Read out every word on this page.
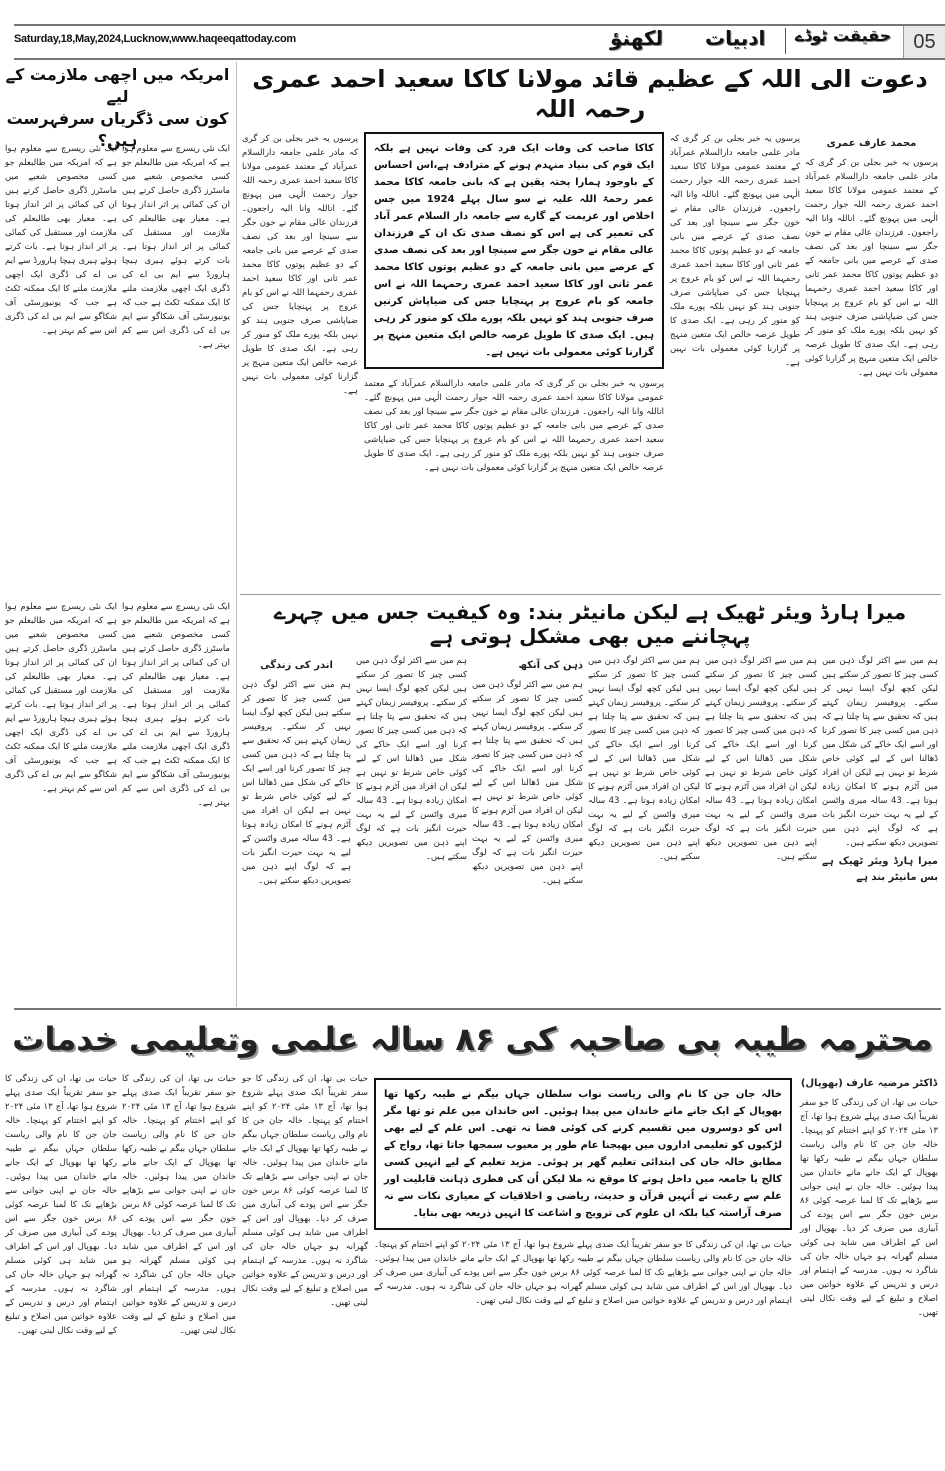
Saturday,18,May,2024,Lucknow,www.haqeeqattoday.com	لکھنؤ ادبیات حقیقت ٹوڈے	05
امریکہ میں اچھی ملازمت کے لیے
کون سی ڈگریاں سرفہرست ہیں؟
ایک نئی ریسرچ سے معلوم ہوا ہے کہ امریکہ میں طالبعلم جو کسی مخصوص شعبے میں ماسٹرز ڈگری حاصل کرتے ہیں ان کی کمائی پر اثر انداز ہوتا ہے۔ معیار بھی طالبعلم کی ملازمت اور مستقبل کی کمائی پر اثر انداز ہوتا ہے۔ بات کرتے ہوئے ہیری ہیچا ہارورڈ سے ایم بی اے کی ڈگری ایک اچھی ملازمت ملنے کا ایک ممکنہ ٹکٹ ہے جب کہ یونیورسٹی آف شکاگو سے ایم بی اے کی ڈگری اس سے کم بہتر ہے۔
ایک نئی ریسرچ سے معلوم ہوا ہے کہ امریکہ میں طالبعلم جو کسی مخصوص شعبے میں ماسٹرز ڈگری حاصل کرتے ہیں ان کی کمائی پر اثر انداز ہوتا ہے۔ معیار بھی طالبعلم کی ملازمت اور مستقبل کی کمائی پر اثر انداز ہوتا ہے۔ بات کرتے ہوئے ہیری ہیچا ہارورڈ سے ایم بی اے کی ڈگری ایک اچھی ملازمت ملنے کا ایک ممکنہ ٹکٹ ہے جب کہ یونیورسٹی آف شکاگو سے ایم بی اے کی ڈگری اس سے کم بہتر ہے۔
ایک نئی ریسرچ سے معلوم ہوا ہے کہ امریکہ میں طالبعلم جو کسی مخصوص شعبے میں ماسٹرز ڈگری حاصل کرتے ہیں ان کی کمائی پر اثر انداز ہوتا ہے۔ معیار بھی طالبعلم کی ملازمت اور مستقبل کی کمائی پر اثر انداز ہوتا ہے۔ بات کرتے ہوئے ہیری ہیچا ہارورڈ سے ایم بی اے کی ڈگری ایک اچھی ملازمت ملنے کا ایک ممکنہ ٹکٹ ہے جب کہ یونیورسٹی آف شکاگو سے ایم بی اے کی ڈگری اس سے کم بہتر ہے۔
ایک نئی ریسرچ سے معلوم ہوا ہے کہ امریکہ میں طالبعلم جو کسی مخصوص شعبے میں ماسٹرز ڈگری حاصل کرتے ہیں ان کی کمائی پر اثر انداز ہوتا ہے۔ معیار بھی طالبعلم کی ملازمت اور مستقبل کی کمائی پر اثر انداز ہوتا ہے۔ بات کرتے ہوئے ہیری ہیچا ہارورڈ سے ایم بی اے کی ڈگری ایک اچھی ملازمت ملنے کا ایک ممکنہ ٹکٹ ہے جب کہ یونیورسٹی آف شکاگو سے ایم بی اے کی ڈگری اس سے کم بہتر ہے۔
دعوت الی اللہ کے عظیم قائد مولانا کاکا سعید احمد عمری رحمہ اللہ
محمد عارف عمری
پرسوں یہ خبر بجلی بن کر گری کہ مادر علمی جامعہ دارالسلام عمرآباد کے معتمد عمومی مولانا کاکا سعید احمد عمری رحمہ اللہ جوار رحمت الٰہی میں پہونچ گئے۔ اناللہ وانا الیہ راجعون۔ فرزندان عالی مقام نے خون جگر سے سینچا اور بعد کی نصف صدی کے عرصے میں بانی جامعہ کے دو عظیم پوتوں کاکا محمد عمر ثانی اور کاکا سعید احمد عمری رحمہما اللہ نے اس کو بام عروج پر پہنچایا جس کی ضیاپاشی صرف جنوبی ہند کو نہیں بلکہ پورے ملک کو منور کر رہی ہے۔ ایک صدی کا طویل عرصہ خالص ایک متعین منہج پر گزارنا کوئی معمولی بات نہیں ہے۔
پرسوں یہ خبر بجلی بن کر گری کہ مادر علمی جامعہ دارالسلام عمرآباد کے معتمد عمومی مولانا کاکا سعید احمد عمری رحمہ اللہ جوار رحمت الٰہی میں پہونچ گئے۔ اناللہ وانا الیہ راجعون۔ فرزندان عالی مقام نے خون جگر سے سینچا اور بعد کی نصف صدی کے عرصے میں بانی جامعہ کے دو عظیم پوتوں کاکا محمد عمر ثانی اور کاکا سعید احمد عمری رحمہما اللہ نے اس کو بام عروج پر پہنچایا جس کی ضیاپاشی صرف جنوبی ہند کو نہیں بلکہ پورے ملک کو منور کر رہی ہے۔ ایک صدی کا طویل عرصہ خالص ایک متعین منہج پر گزارنا کوئی معمولی بات نہیں ہے۔
کاکا صاحب کی وفات ایک فرد کی وفات نہیں ہے بلکہ ایک قوم کی بنیاد منہدم ہونے کے مترادف ہے،اس احساس کے باوجود ہمارا پختہ یقین ہے کہ بانی جامعہ کاکا محمد عمر رحمۃ اللہ علیہ نے سو سال پہلے 1924 میں جس اخلاص اور عزیمت کے گارے سے جامعہ دار السلام عمر آباد کی تعمیر کی ہے اس کو نصف صدی تک ان کے فرزندان عالی مقام نے خون جگر سے سینچا اور بعد کی نصف صدی کے عرصے میں بانی جامعہ کے دو عظیم پوتوں کاکا محمد عمر ثانی اور کاکا سعید احمد عمری رحمہما اللہ نے اس جامعہ کو بام عروج پر پہنچایا جس کی ضیاپاش کرنیں صرف جنوبی ہند کو نہیں بلکہ پورے ملک کو منور کر رہی ہیں۔ ایک صدی کا طویل عرصہ خالص ایک متعین منہج پر گزارنا کوئی معمولی بات نہیں ہے۔
پرسوں یہ خبر بجلی بن کر گری کہ مادر علمی جامعہ دارالسلام عمرآباد کے معتمد عمومی مولانا کاکا سعید احمد عمری رحمہ اللہ جوار رحمت الٰہی میں پہونچ گئے۔ اناللہ وانا الیہ راجعون۔ فرزندان عالی مقام نے خون جگر سے سینچا اور بعد کی نصف صدی کے عرصے میں بانی جامعہ کے دو عظیم پوتوں کاکا محمد عمر ثانی اور کاکا سعید احمد عمری رحمہما اللہ نے اس کو بام عروج پر پہنچایا جس کی ضیاپاشی صرف جنوبی ہند کو نہیں بلکہ پورے ملک کو منور کر رہی ہے۔ ایک صدی کا طویل عرصہ خالص ایک متعین منہج پر گزارنا کوئی معمولی بات نہیں ہے۔
پرسوں یہ خبر بجلی بن کر گری کہ مادر علمی جامعہ دارالسلام عمرآباد کے معتمد عمومی مولانا کاکا سعید احمد عمری رحمہ اللہ جوار رحمت الٰہی میں پہونچ گئے۔ اناللہ وانا الیہ راجعون۔ فرزندان عالی مقام نے خون جگر سے سینچا اور بعد کی نصف صدی کے عرصے میں بانی جامعہ کے دو عظیم پوتوں کاکا محمد عمر ثانی اور کاکا سعید احمد عمری رحمہما اللہ نے اس کو بام عروج پر پہنچایا جس کی ضیاپاشی صرف جنوبی ہند کو نہیں بلکہ پورے ملک کو منور کر رہی ہے۔ ایک صدی کا طویل عرصہ خالص ایک متعین منہج پر گزارنا کوئی معمولی بات نہیں ہے۔
میرا ہارڈ ویئر ٹھیک ہے لیکن مانیٹر بند: وہ کیفیت جس میں چہرے پہچاننے میں بھی مشکل ہوتی ہے
ہم میں سے اکثر لوگ ذہن میں کسی چیز کا تصور کر سکتے ہیں لیکن کچھ لوگ ایسا نہیں کر سکتے۔ پروفیسر زیمان کہتے ہیں کہ تحقیق سے پتا چلتا ہے کہ ذہن میں کسی چیز کا تصور کرنا اور اسے ایک خاکے کی شکل میں ڈھالنا اس کے لیے کوئی خاص شرط تو نہیں ہے لیکن ان افراد میں آٹزم ہونے کا امکان زیادہ ہوتا ہے۔ 43 سالہ میری واٹسن کے لیے یہ بہت حیرت انگیز بات ہے کہ لوگ اپنے ذہن میں تصویریں دیکھ سکتے ہیں۔
میرا ہارڈ ویئر ٹھیک ہے بس مانیٹر بند ہے
ہم میں سے اکثر لوگ ذہن میں کسی چیز کا تصور کر سکتے ہیں لیکن کچھ لوگ ایسا نہیں کر سکتے۔ پروفیسر زیمان کہتے ہیں کہ تحقیق سے پتا چلتا ہے کہ ذہن میں کسی چیز کا تصور کرنا اور اسے ایک خاکے کی شکل میں ڈھالنا اس کے لیے کوئی خاص شرط تو نہیں ہے لیکن ان افراد میں آٹزم ہونے کا امکان زیادہ ہوتا ہے۔ 43 سالہ میری واٹسن کے لیے یہ بہت حیرت انگیز بات ہے کہ لوگ اپنے ذہن میں تصویریں دیکھ سکتے ہیں۔
ہم میں سے اکثر لوگ ذہن میں کسی چیز کا تصور کر سکتے ہیں لیکن کچھ لوگ ایسا نہیں کر سکتے۔ پروفیسر زیمان کہتے ہیں کہ تحقیق سے پتا چلتا ہے کہ ذہن میں کسی چیز کا تصور کرنا اور اسے ایک خاکے کی شکل میں ڈھالنا اس کے لیے کوئی خاص شرط تو نہیں ہے لیکن ان افراد میں آٹزم ہونے کا امکان زیادہ ہوتا ہے۔ 43 سالہ میری واٹسن کے لیے یہ بہت حیرت انگیز بات ہے کہ لوگ اپنے ذہن میں تصویریں دیکھ سکتے ہیں۔
ذہن کی آنکھ
ہم میں سے اکثر لوگ ذہن میں کسی چیز کا تصور کر سکتے ہیں لیکن کچھ لوگ ایسا نہیں کر سکتے۔ پروفیسر زیمان کہتے ہیں کہ تحقیق سے پتا چلتا ہے کہ ذہن میں کسی چیز کا تصور کرنا اور اسے ایک خاکے کی شکل میں ڈھالنا اس کے لیے کوئی خاص شرط تو نہیں ہے لیکن ان افراد میں آٹزم ہونے کا امکان زیادہ ہوتا ہے۔ 43 سالہ میری واٹسن کے لیے یہ بہت حیرت انگیز بات ہے کہ لوگ اپنے ذہن میں تصویریں دیکھ سکتے ہیں۔
ہم میں سے اکثر لوگ ذہن میں کسی چیز کا تصور کر سکتے ہیں لیکن کچھ لوگ ایسا نہیں کر سکتے۔ پروفیسر زیمان کہتے ہیں کہ تحقیق سے پتا چلتا ہے کہ ذہن میں کسی چیز کا تصور کرنا اور اسے ایک خاکے کی شکل میں ڈھالنا اس کے لیے کوئی خاص شرط تو نہیں ہے لیکن ان افراد میں آٹزم ہونے کا امکان زیادہ ہوتا ہے۔ 43 سالہ میری واٹسن کے لیے یہ بہت حیرت انگیز بات ہے کہ لوگ اپنے ذہن میں تصویریں دیکھ سکتے ہیں۔
اندر کی زندگی
ہم میں سے اکثر لوگ ذہن میں کسی چیز کا تصور کر سکتے ہیں لیکن کچھ لوگ ایسا نہیں کر سکتے۔ پروفیسر زیمان کہتے ہیں کہ تحقیق سے پتا چلتا ہے کہ ذہن میں کسی چیز کا تصور کرنا اور اسے ایک خاکے کی شکل میں ڈھالنا اس کے لیے کوئی خاص شرط تو نہیں ہے لیکن ان افراد میں آٹزم ہونے کا امکان زیادہ ہوتا ہے۔ 43 سالہ میری واٹسن کے لیے یہ بہت حیرت انگیز بات ہے کہ لوگ اپنے ذہن میں تصویریں دیکھ سکتے ہیں۔
محترمہ طیبہ بی صاحبہ کی ۸۶ سالہ علمی وتعلیمی خدمات
ڈاکٹر مرضیہ عارف (بھوپال)
حیات بی تھا، ان کی زندگی کا جو سفر تقریباً ایک صدی پہلے شروع ہوا تھا، آج ۱۳ مئی ۲۰۲۴ کو اپنے اختتام کو پہنچا۔ خالہ جان جن کا نام والی ریاست سلطان جہاں بیگم نے طیبہ رکھا تھا بھوپال کے ایک جانے مانے خاندان میں پیدا ہوئیں۔ خالہ جان نے اپنی جوانی سے بڑھاپے تک کا لمبا عرصہ کوئی ۸۶ برس خون جگر سے اس پودے کی آبیاری میں صرف کر دیا۔ بھوپال اور اس کے اطراف میں شاید ہی کوئی مسلم گھرانہ ہو جہاں خالہ جان کی شاگرد نہ ہوں۔ مدرسہ کے اہتمام اور درس و تدریس کے علاوہ خواتین میں اصلاح و تبلیغ کے لیے وقت نکال لیتی تھیں۔
خالہ جان جن کا نام والی ریاست نواب سلطان جہاں بیگم نے طیبہ رکھا تھا بھوپال کے ایک جانے مانے خاندان میں پیدا ہوئیں۔ اس خاندان میں علم تو تھا مگر اس کو دوسروں میں تقسیم کرنے کی کوئی فضا نہ تھی۔ اس علم کے لیے بھی لڑکیوں کو تعلیمی اداروں میں بھیجنا عام طور پر معیوب سمجھا جاتا تھا، رواج کے مطابق خالہ جان کی ابتدائی تعلیم گھر پر ہوئی۔ مزید تعلیم کے لیے انہیں کسی کالج یا جامعہ میں داخل ہونے کا موقع نہ ملا لیکن اُن کی فطری ذہانت قابلیت اور علم سے رغبت نے اُنہیں قرآن و حدیث، ریاضی و اخلاقیات کے معیاری نکات سے نہ صرف آراستہ کیا بلکہ ان علوم کی ترویج و اشاعت کا انہیں ذریعہ بھی بنایا۔
حیات بی تھا، ان کی زندگی کا جو سفر تقریباً ایک صدی پہلے شروع ہوا تھا، آج ۱۳ مئی ۲۰۲۴ کو اپنے اختتام کو پہنچا۔ خالہ جان جن کا نام والی ریاست سلطان جہاں بیگم نے طیبہ رکھا تھا بھوپال کے ایک جانے مانے خاندان میں پیدا ہوئیں۔ خالہ جان نے اپنی جوانی سے بڑھاپے تک کا لمبا عرصہ کوئی ۸۶ برس خون جگر سے اس پودے کی آبیاری میں صرف کر دیا۔ بھوپال اور اس کے اطراف میں شاید ہی کوئی مسلم گھرانہ ہو جہاں خالہ جان کی شاگرد نہ ہوں۔ مدرسہ کے اہتمام اور درس و تدریس کے علاوہ خواتین میں اصلاح و تبلیغ کے لیے وقت نکال لیتی تھیں۔
حیات بی تھا، ان کی زندگی کا جو سفر تقریباً ایک صدی پہلے شروع ہوا تھا، آج ۱۳ مئی ۲۰۲۴ کو اپنے اختتام کو پہنچا۔ خالہ جان جن کا نام والی ریاست سلطان جہاں بیگم نے طیبہ رکھا تھا بھوپال کے ایک جانے مانے خاندان میں پیدا ہوئیں۔ خالہ جان نے اپنی جوانی سے بڑھاپے تک کا لمبا عرصہ کوئی ۸۶ برس خون جگر سے اس پودے کی آبیاری میں صرف کر دیا۔ بھوپال اور اس کے اطراف میں شاید ہی کوئی مسلم گھرانہ ہو جہاں خالہ جان کی شاگرد نہ ہوں۔ مدرسہ کے اہتمام اور درس و تدریس کے علاوہ خواتین میں اصلاح و تبلیغ کے لیے وقت نکال لیتی تھیں۔
حیات بی تھا، ان کی زندگی کا جو سفر تقریباً ایک صدی پہلے شروع ہوا تھا، آج ۱۳ مئی ۲۰۲۴ کو اپنے اختتام کو پہنچا۔ خالہ جان جن کا نام والی ریاست سلطان جہاں بیگم نے طیبہ رکھا تھا بھوپال کے ایک جانے مانے خاندان میں پیدا ہوئیں۔ خالہ جان نے اپنی جوانی سے بڑھاپے تک کا لمبا عرصہ کوئی ۸۶ برس خون جگر سے اس پودے کی آبیاری میں صرف کر دیا۔ بھوپال اور اس کے اطراف میں شاید ہی کوئی مسلم گھرانہ ہو جہاں خالہ جان کی شاگرد نہ ہوں۔ مدرسہ کے اہتمام اور درس و تدریس کے علاوہ خواتین میں اصلاح و تبلیغ کے لیے وقت نکال لیتی تھیں۔
حیات بی تھا، ان کی زندگی کا جو سفر تقریباً ایک صدی پہلے شروع ہوا تھا، آج ۱۳ مئی ۲۰۲۴ کو اپنے اختتام کو پہنچا۔ خالہ جان جن کا نام والی ریاست سلطان جہاں بیگم نے طیبہ رکھا تھا بھوپال کے ایک جانے مانے خاندان میں پیدا ہوئیں۔ خالہ جان نے اپنی جوانی سے بڑھاپے تک کا لمبا عرصہ کوئی ۸۶ برس خون جگر سے اس پودے کی آبیاری میں صرف کر دیا۔ بھوپال اور اس کے اطراف میں شاید ہی کوئی مسلم گھرانہ ہو جہاں خالہ جان کی شاگرد نہ ہوں۔ مدرسہ کے اہتمام اور درس و تدریس کے علاوہ خواتین میں اصلاح و تبلیغ کے لیے وقت نکال لیتی تھیں۔
